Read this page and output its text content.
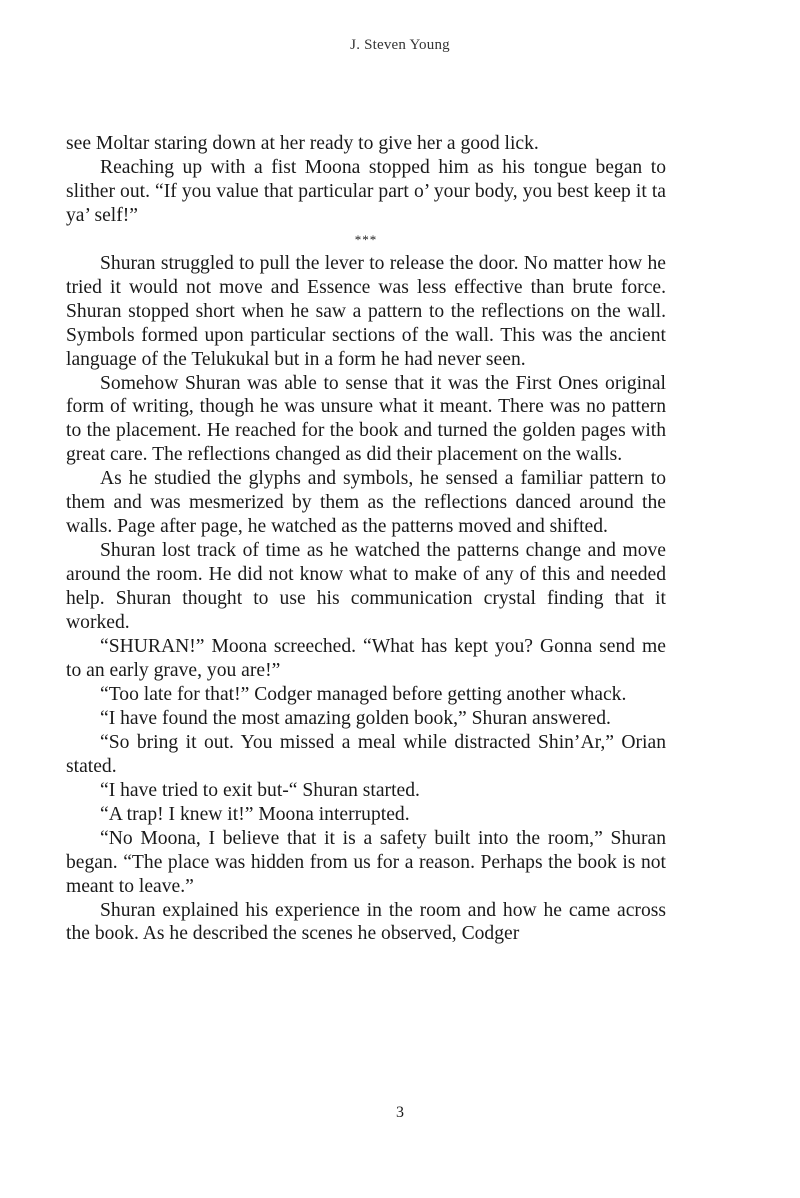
J. Steven Young

see Moltar staring down at her ready to give her a good lick.

Reaching up with a fist Moona stopped him as his tongue began to slither out. “If you value that particular part o’ your body, you best keep it ta ya’ self!”

***

Shuran struggled to pull the lever to release the door. No matter how he tried it would not move and Essence was less effective than brute force. Shuran stopped short when he saw a pattern to the reflections on the wall. Symbols formed upon particular sections of the wall. This was the ancient language of the Telukukal but in a form he had never seen.

Somehow Shuran was able to sense that it was the First Ones original form of writing, though he was unsure what it meant. There was no pattern to the placement. He reached for the book and turned the golden pages with great care. The reflections changed as did their placement on the walls.

As he studied the glyphs and symbols, he sensed a familiar pattern to them and was mesmerized by them as the reflections danced around the walls. Page after page, he watched as the patterns moved and shifted.

Shuran lost track of time as he watched the patterns change and move around the room. He did not know what to make of any of this and needed help. Shuran thought to use his communication crystal finding that it worked.

“SHURAN!” Moona screeched. “What has kept you? Gonna send me to an early grave, you are!”

“Too late for that!” Codger managed before getting another whack.

“I have found the most amazing golden book,” Shuran answered.

“So bring it out. You missed a meal while distracted Shin’Ar,” Orian stated.

“I have tried to exit but-“ Shuran started.

“A trap! I knew it!” Moona interrupted.

“No Moona, I believe that it is a safety built into the room,” Shuran began. “The place was hidden from us for a reason. Perhaps the book is not meant to leave.”

Shuran explained his experience in the room and how he came across the book. As he described the scenes he observed, Codger

3
